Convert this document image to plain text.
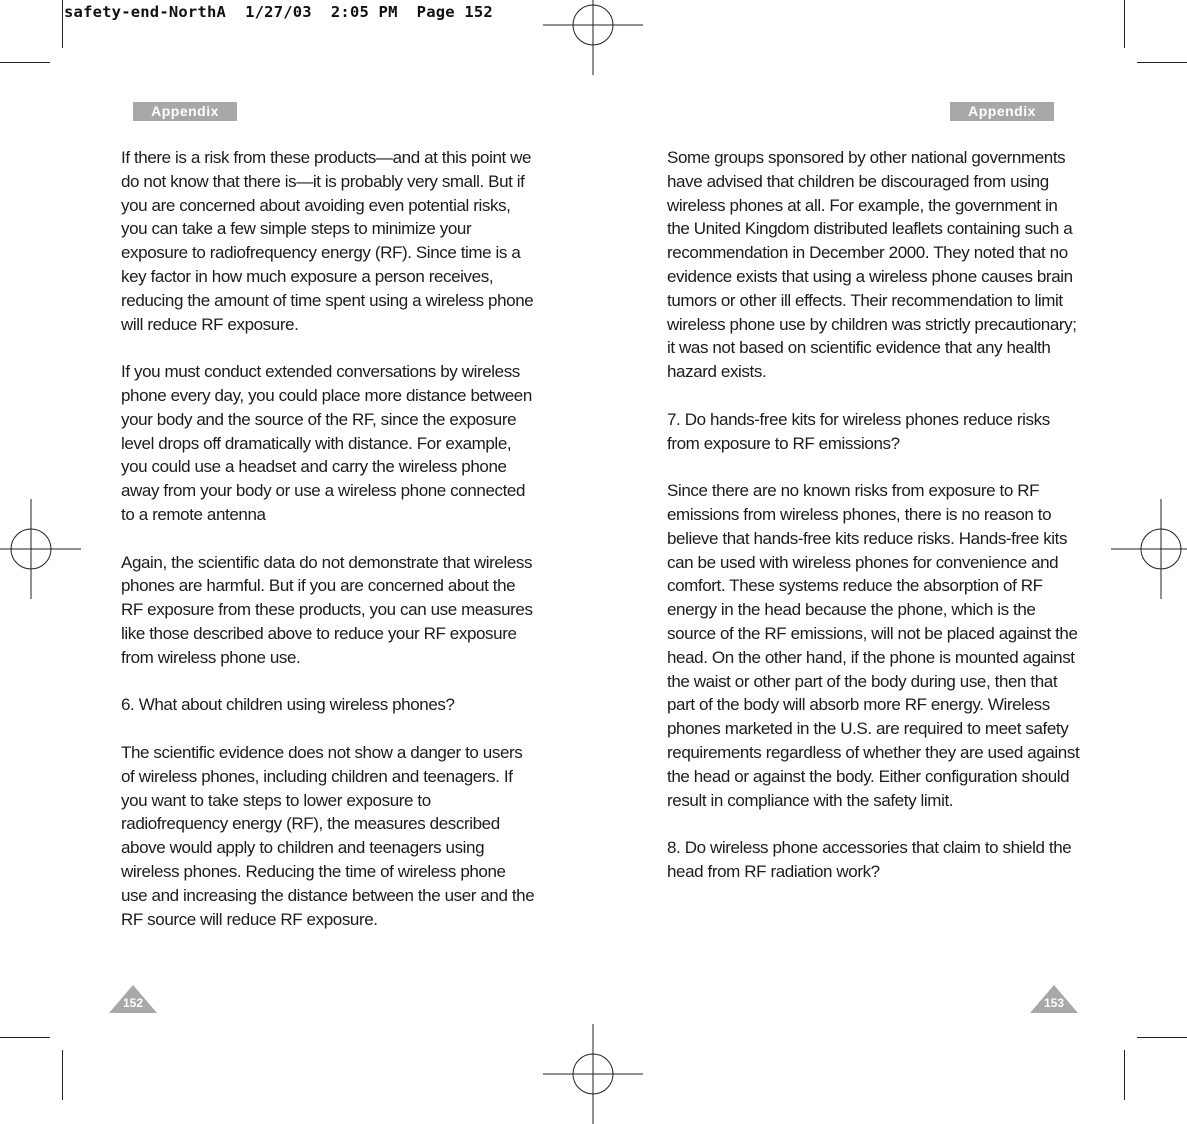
safety-end-NorthA  1/27/03  2:05 PM  Page 152
Appendix	Appendix

If there is a risk from these products—and at this point we do not know that there is—it is probably very small. But if you are concerned about avoiding even potential risks, you can take a few simple steps to minimize your exposure to radiofrequency energy (RF). Since time is a key factor in how much exposure a person receives, reducing the amount of time spent using a wireless phone will reduce RF exposure.

If you must conduct extended conversations by wireless phone every day, you could place more distance between your body and the source of the RF, since the exposure level drops off dramatically with distance. For example, you could use a headset and carry the wireless phone away from your body or use a wireless phone connected to a remote antenna

Again, the scientific data do not demonstrate that wireless phones are harmful. But if you are concerned about the RF exposure from these products, you can use measures like those described above to reduce your RF exposure from wireless phone use.

6. What about children using wireless phones?

The scientific evidence does not show a danger to users of wireless phones, including children and teenagers. If you want to take steps to lower exposure to radiofrequency energy (RF), the measures described above would apply to children and teenagers using wireless phones. Reducing the time of wireless phone use and increasing the distance between the user and the RF source will reduce RF exposure.

Some groups sponsored by other national governments have advised that children be discouraged from using wireless phones at all. For example, the government in the United Kingdom distributed leaflets containing such a recommendation in December 2000. They noted that no evidence exists that using a wireless phone causes brain tumors or other ill effects. Their recommendation to limit wireless phone use by children was strictly precautionary; it was not based on scientific evidence that any health hazard exists.

7. Do hands-free kits for wireless phones reduce risks from exposure to RF emissions?

Since there are no known risks from exposure to RF emissions from wireless phones, there is no reason to believe that hands-free kits reduce risks. Hands-free kits can be used with wireless phones for convenience and comfort. These systems reduce the absorption of RF energy in the head because the phone, which is the source of the RF emissions, will not be placed against the head. On the other hand, if the phone is mounted against the waist or other part of the body during use, then that part of the body will absorb more RF energy. Wireless phones marketed in the U.S. are required to meet safety requirements regardless of whether they are used against the head or against the body. Either configuration should result in compliance with the safety limit.

8. Do wireless phone accessories that claim to shield the head from RF radiation work?

152	153
